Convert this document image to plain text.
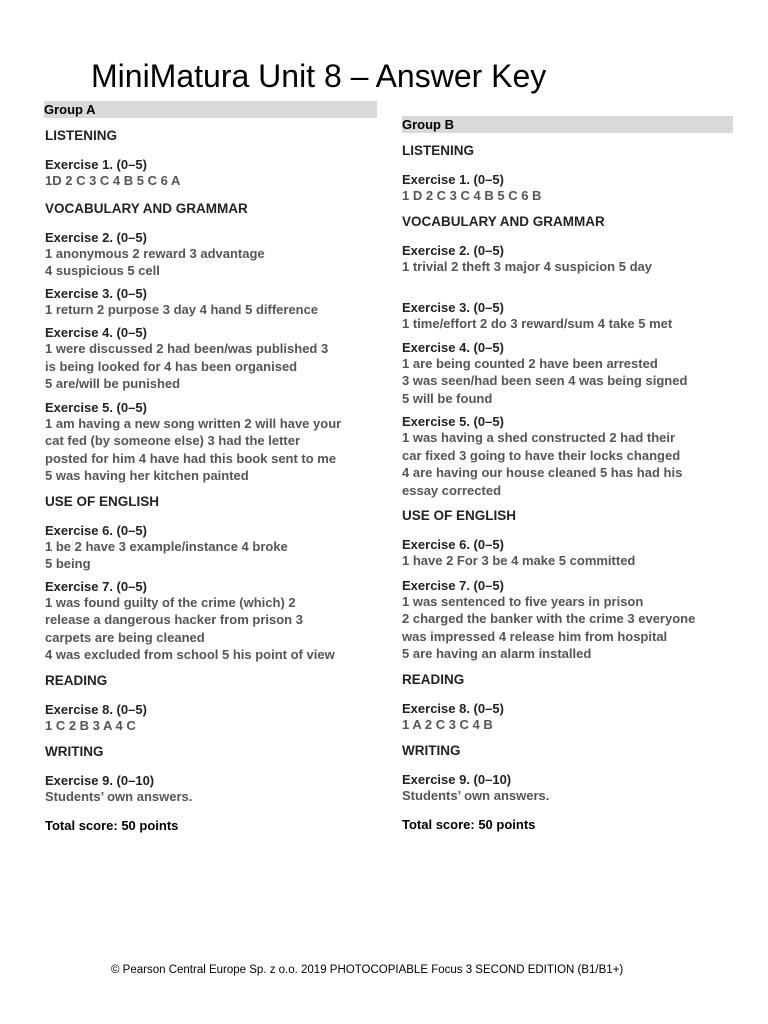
MiniMatura Unit 8 – Answer Key
Group A
LISTENING
Exercise 1. (0–5)
1D 2 C 3 C 4 B 5 C 6 A
VOCABULARY AND GRAMMAR
Exercise 2. (0–5)
1 anonymous 2 reward 3 advantage
4 suspicious 5 cell
Exercise 3. (0–5)
1 return 2 purpose 3 day 4 hand 5 difference
Exercise 4. (0–5)
1 were discussed 2 had been/was published 3
is being looked for 4 has been organised
5 are/will be punished
Exercise 5. (0–5)
1 am having a new song written 2 will have your
cat fed (by someone else) 3 had the letter
posted for him 4 have had this book sent to me
5 was having her kitchen painted
USE OF ENGLISH
Exercise 6. (0–5)
1 be 2 have 3 example/instance 4 broke
5 being
Exercise 7. (0–5)
1 was found guilty of the crime (which) 2
release a dangerous hacker from prison 3
carpets are being cleaned
4 was excluded from school 5 his point of view
READING
Exercise 8. (0–5)
1 C 2 B 3 A 4 C
WRITING
Exercise 9. (0–10)
Students’ own answers.
Total score: 50 points
Group B
LISTENING
Exercise 1. (0–5)
1 D 2 C 3 C 4 B 5 C 6 B
VOCABULARY AND GRAMMAR
Exercise 2. (0–5)
1 trivial 2 theft 3 major 4 suspicion 5 day
Exercise 3. (0–5)
1 time/effort 2 do 3 reward/sum 4 take 5 met
Exercise 4. (0–5)
1 are being counted 2 have been arrested
3 was seen/had been seen 4 was being signed
5 will be found
Exercise 5. (0–5)
1 was having a shed constructed 2 had their
car fixed 3 going to have their locks changed
4 are having our house cleaned 5 has had his
essay corrected
USE OF ENGLISH
Exercise 6. (0–5)
1 have 2 For 3 be 4 make 5 committed
Exercise 7. (0–5)
1 was sentenced to five years in prison
2 charged the banker with the crime 3 everyone
was impressed 4 release him from hospital
5 are having an alarm installed
READING
Exercise 8. (0–5)
1 A 2 C 3 C 4 B
WRITING
Exercise 9. (0–10)
Students’ own answers.
Total score: 50 points
© Pearson Central Europe Sp. z o.o. 2019 PHOTOCOPIABLE Focus 3 SECOND EDITION (B1/B1+)
